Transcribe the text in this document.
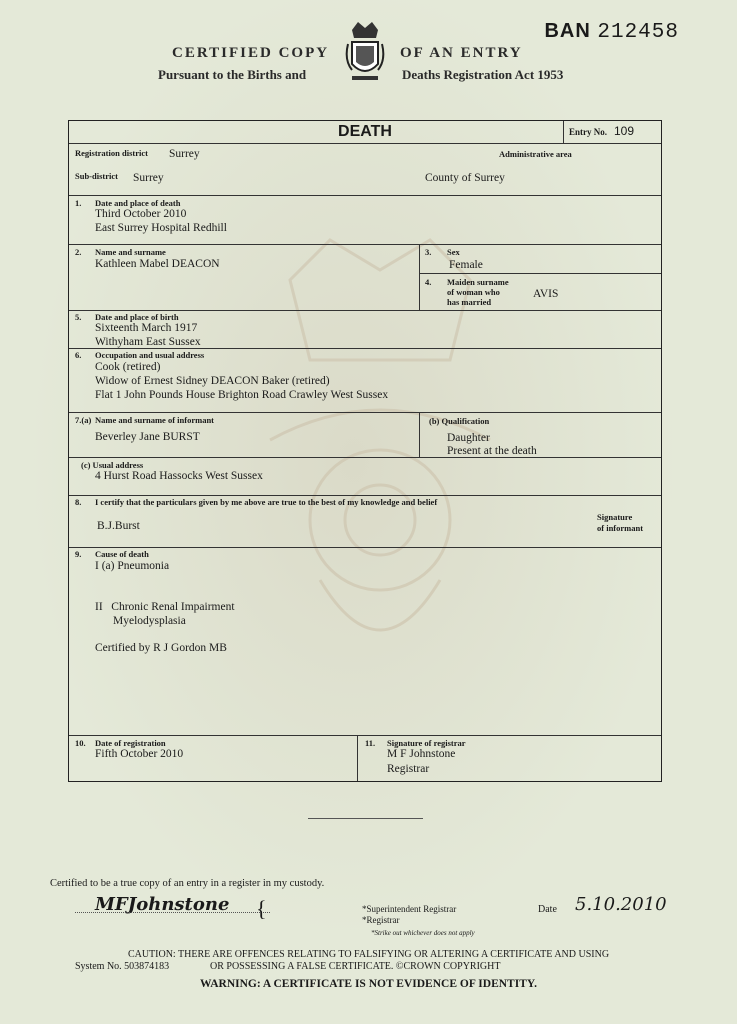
BAN 212458
CERTIFIED COPY	OF AN ENTRY
Pursuant to the Births and	Deaths Registration Act 1953
DEATH	Entry No. 109
Registration district Surrey	Administrative area
Sub-district Surrey	County of Surrey
1. Date and place of death
Third October 2010
East Surrey Hospital Redhill
2. Name and surname
Kathleen Mabel DEACON
3. Sex
Female
4. Maiden surname
of woman who
has married
AVIS
5. Date and place of birth
Sixteenth March 1917
Withyham East Sussex
6. Occupation and usual address
Cook (retired)
Widow of Ernest Sidney DEACON Baker (retired)
Flat 1 John Pounds House Brighton Road Crawley West Sussex
7.(a) Name and surname of informant
Beverley Jane BURST
(b) Qualification
Daughter
Present at the death
(c) Usual address
4 Hurst Road Hassocks West Sussex
8. I certify that the particulars given by me above are true to the best of my knowledge and belief
B.J.Burst
Signature
of informant
9. Cause of death
I (a) Pneumonia
II   Chronic Renal Impairment
Myelodysplasia
Certified by R J Gordon MB
10. Date of registration
Fifth October 2010
11. Signature of registrar
M F Johnstone
Registrar
Certified to be a true copy of an entry in a register in my custody.
MFJohnstone {	*Superintendent Registrar
*Registrar
*Strike out whichever does not apply
Date 5.10.2010
CAUTION: THERE ARE OFFENCES RELATING TO FALSIFYING OR ALTERING A CERTIFICATE AND USING
System No. 503874183	OR POSSESSING A FALSE CERTIFICATE. ©CROWN COPYRIGHT
WARNING: A CERTIFICATE IS NOT EVIDENCE OF IDENTITY.
